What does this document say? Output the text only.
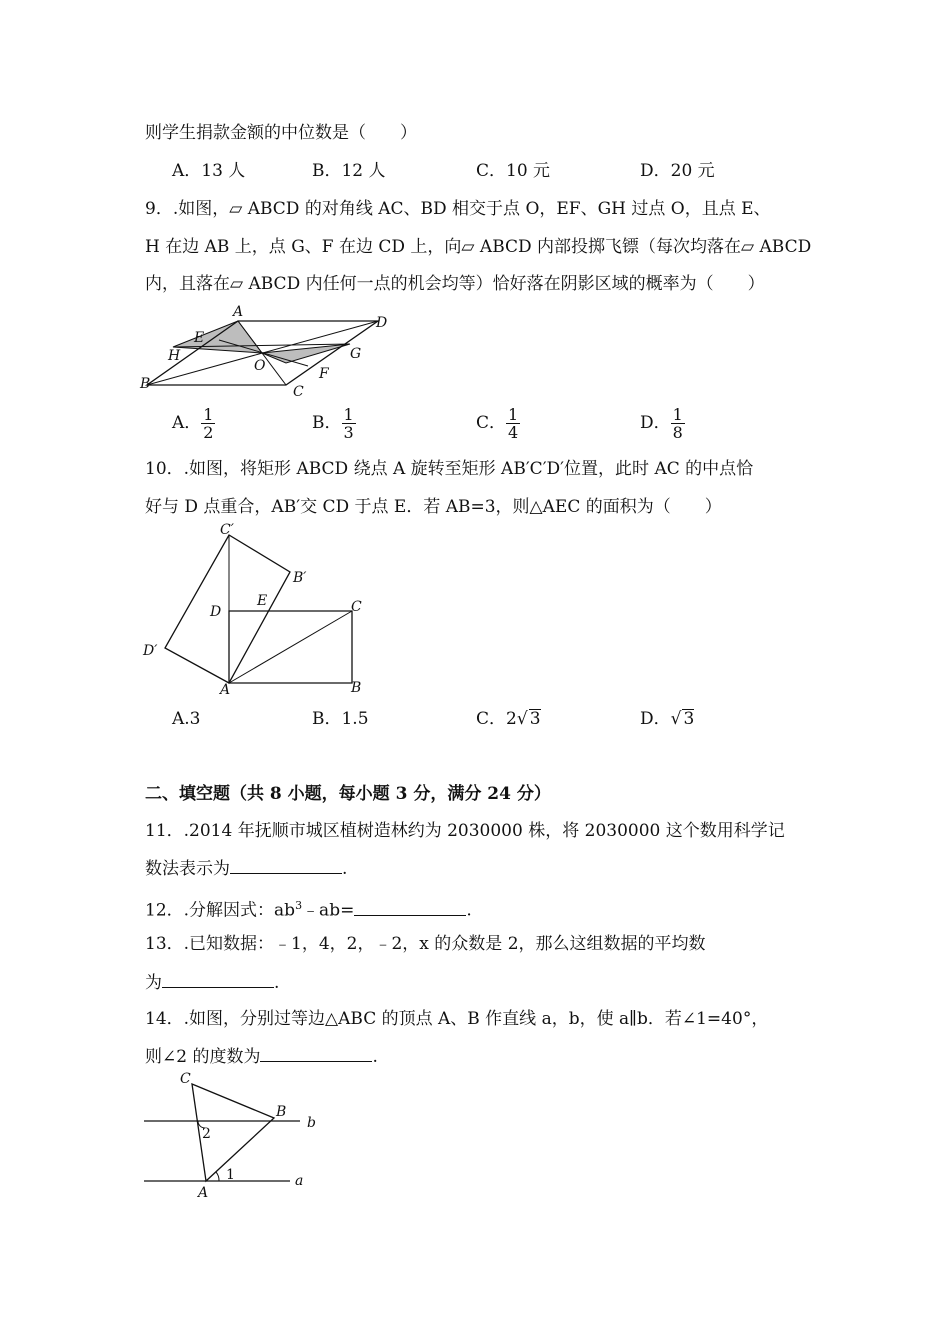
则学生捐款金额的中位数是（　　）
A．13 人	B．12 人	C．10 元	D．20 元
9．.如图，▱ ABCD 的对角线 AC、BD 相交于点 O，EF、GH 过点 O，且点 E、
H 在边 AB 上，点 G、F 在边 CD 上，向▱ ABCD 内部投掷飞镖（每次均落在▱ ABCD
内，且落在▱ ABCD 内任何一点的机会均等）恰好落在阴影区域的概率为（　　）
A
D
E
H	G
O	F
B	C
A． $\frac{1}{2}$	B． $\frac{1}{3}$	C． $\frac{1}{4}$	D． $\frac{1}{8}$
10．.如图，将矩形 ABCD 绕点 A 旋转至矩形 AB′C′D′位置，此时 AC 的中点恰
好与 D 点重合，AB′交 CD 于点 E．若 AB=3，则△AEC 的面积为（　　）
C′
B′
D
E	C
D′
A	B
A.3	B．1.5	C．2√ 3	D．√ 3
二、填空题（共 8 小题，每小题 3 分，满分 24 分）
11．.2014 年抚顺市城区植树造林约为 2030000 株，将 2030000 这个数用科学记
数法表示为	.
12．.分解因式：$ab^3﹣ab=$	.
13．.已知数据：﹣1，4，2，﹣2，x 的众数是 2，那么这组数据的平均数
为	.
14．.如图，分别过等边△ABC 的顶点 A、B 作直线 a，b，使 a∥b．若∠1=40°，
则∠2 的度数为	.
C
B
b
2
1
A
a
